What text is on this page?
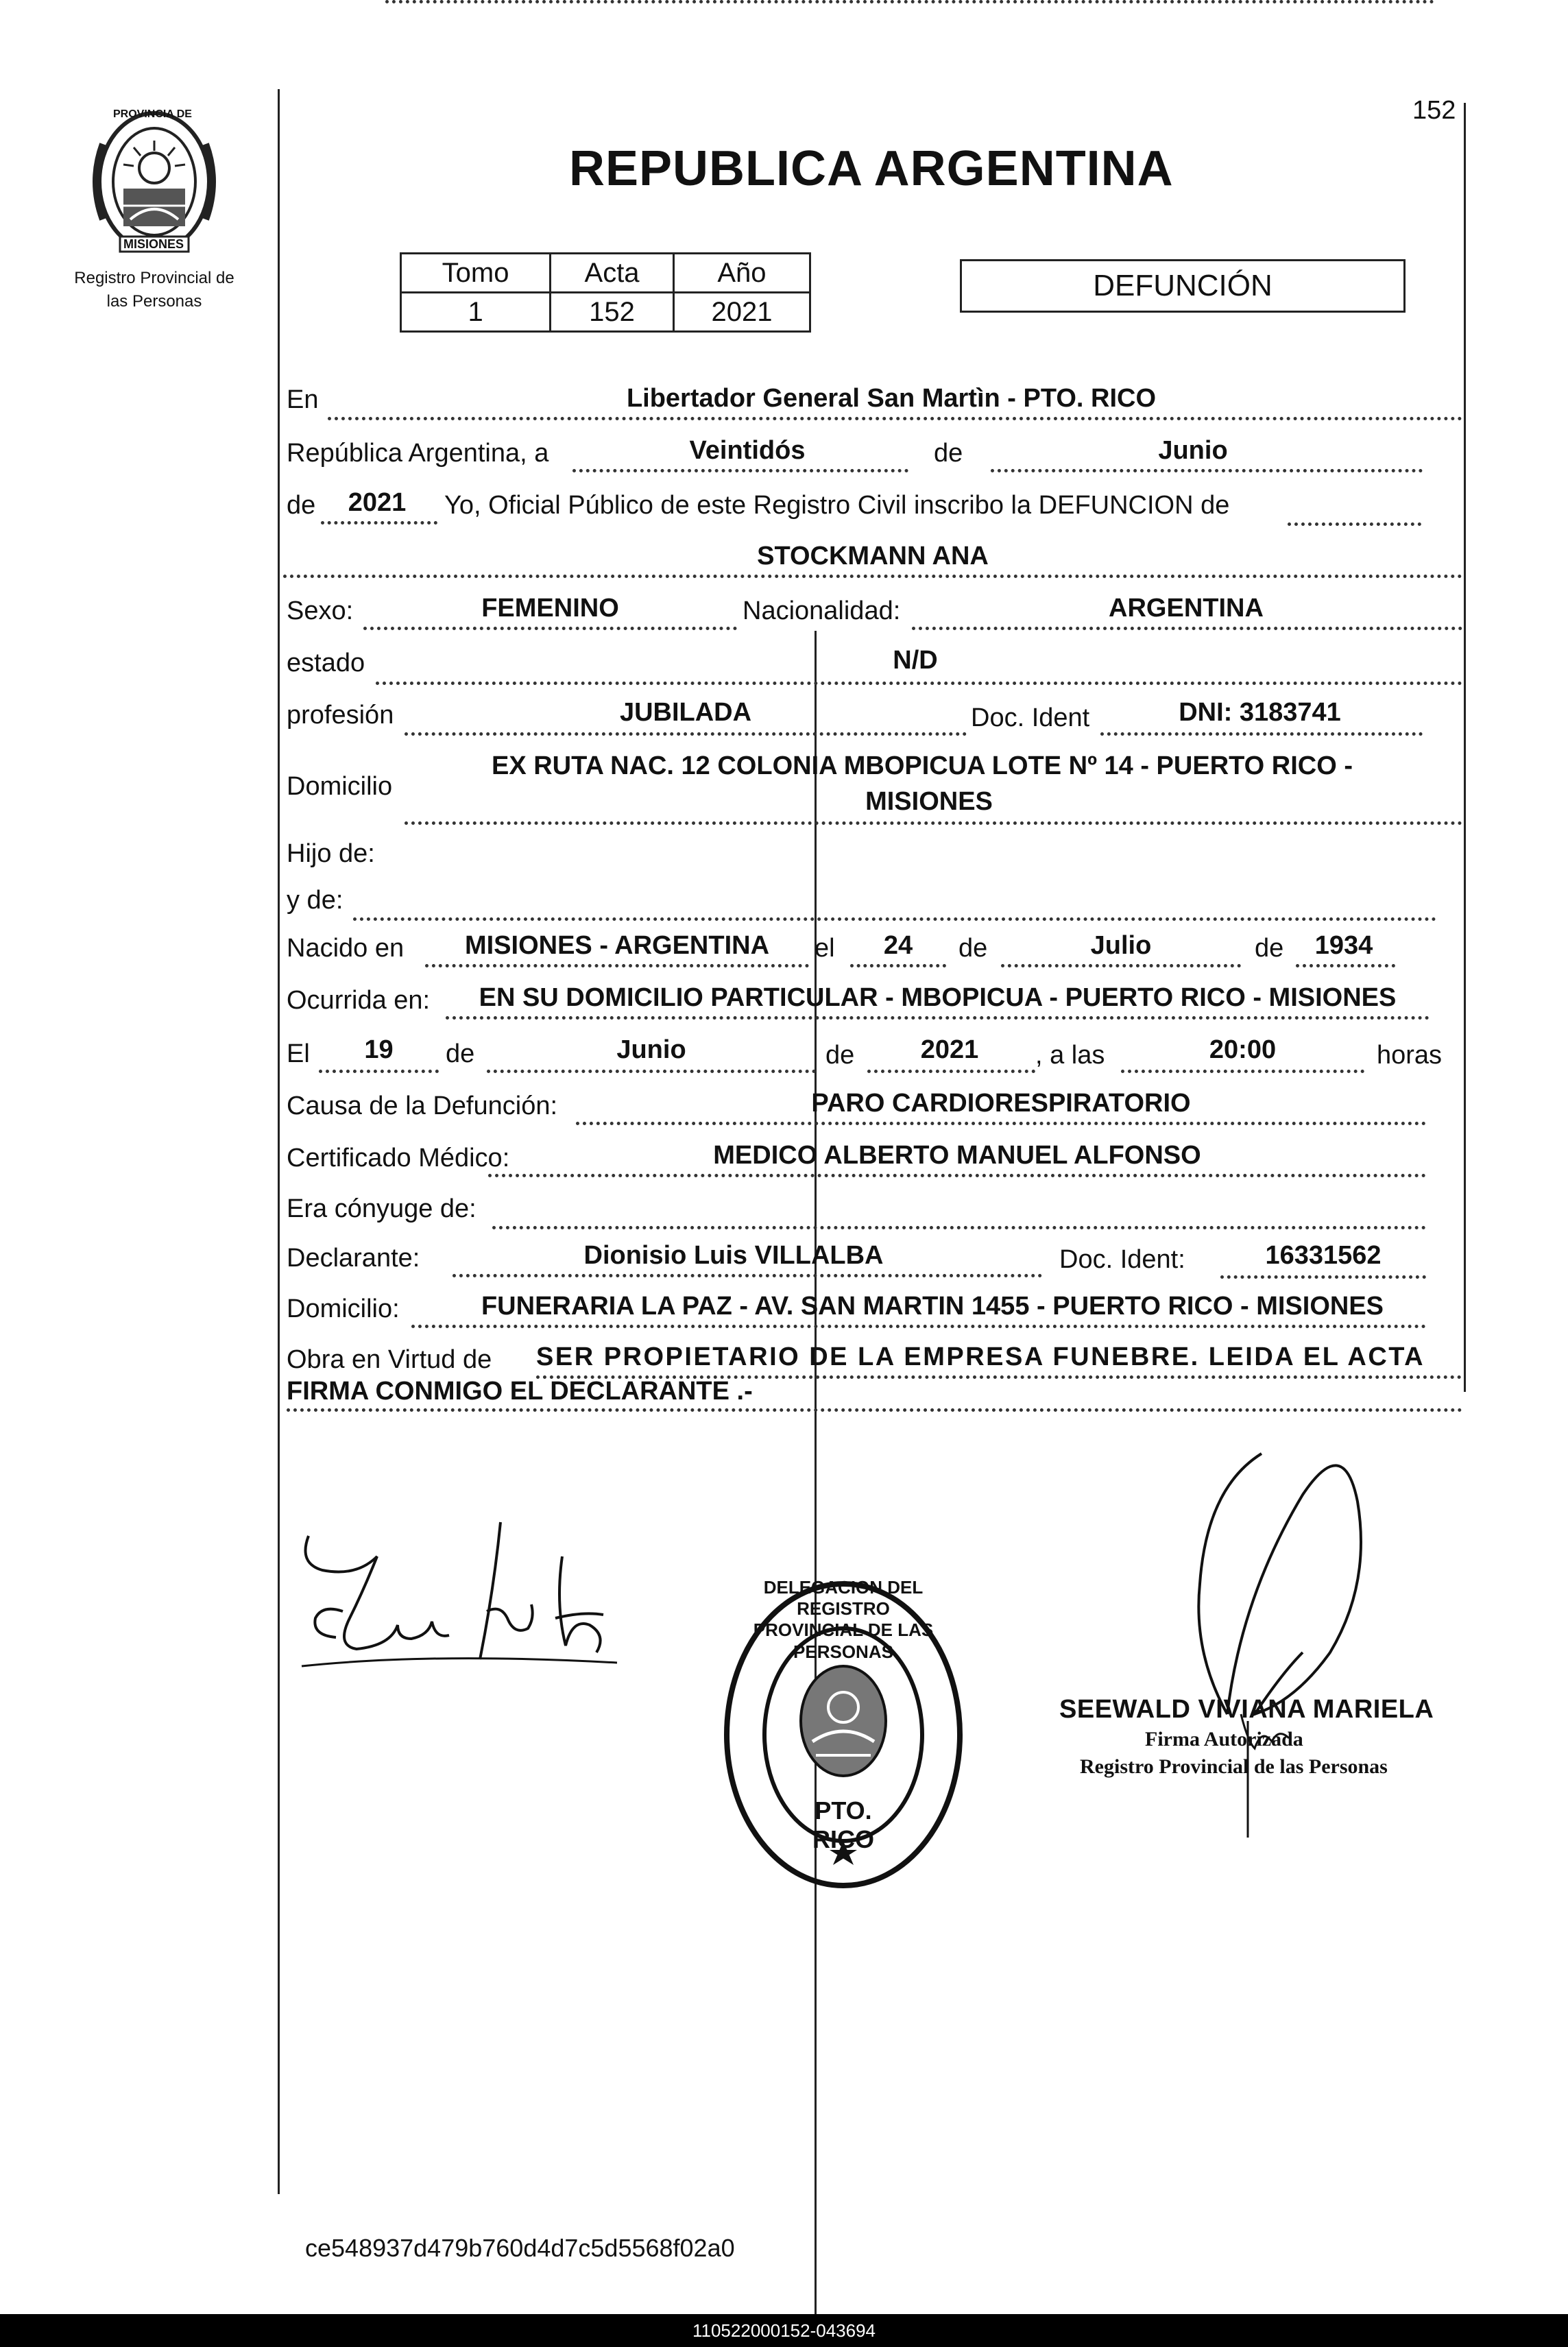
152
PROVINCIA DE
MISIONES
Registro Provincial de
las Personas
REPUBLICA ARGENTINA
Tomo	Acta	Año
1	152	2021
DEFUNCIÓN
En	Libertador General San Martìn - PTO. RICO
República Argentina, a	Veintidós	de	Junio
de	2021	Yo, Oficial Público de este Registro Civil inscribo la DEFUNCION de
STOCKMANN ANA
Sexo:	FEMENINO	Nacionalidad:	ARGENTINA
estado	N/D
profesión	JUBILADA	Doc. Ident	DNI: 3183741
Domicilio
EX RUTA NAC. 12 COLONIA MBOPICUA LOTE Nº 14 - PUERTO RICO -
MISIONES
Hijo de:
y de:
Nacido en	MISIONES - ARGENTINA	el	24	de	Julio	de	1934
Ocurrida en:	EN SU DOMICILIO PARTICULAR - MBOPICUA - PUERTO RICO - MISIONES
El	19	de	Junio	de	2021	, a las	20:00	horas
Causa de la Defunción:	PARO CARDIORESPIRATORIO
Certificado Médico:	MEDICO ALBERTO MANUEL ALFONSO
Era cónyuge de:
Declarante:	Dionisio Luis VILLALBA	Doc. Ident:	16331562
Domicilio:	FUNERARIA LA PAZ - AV. SAN MARTIN 1455 - PUERTO RICO - MISIONES
Obra en Virtud de SER PROPIETARIO DE LA EMPRESA FUNEBRE. LEIDA EL ACTA
FIRMA CONMIGO EL DECLARANTE .-
DELEGACION DEL REGISTRO PROVINCIAL DE LAS PERSONAS
PTO. RICO
SEEWALD VIVIANA MARIELA
Firma Autorizada
Registro Provincial de las Personas
ce548937d479b760d4d7c5d5568f02a0
110522000152-043694
